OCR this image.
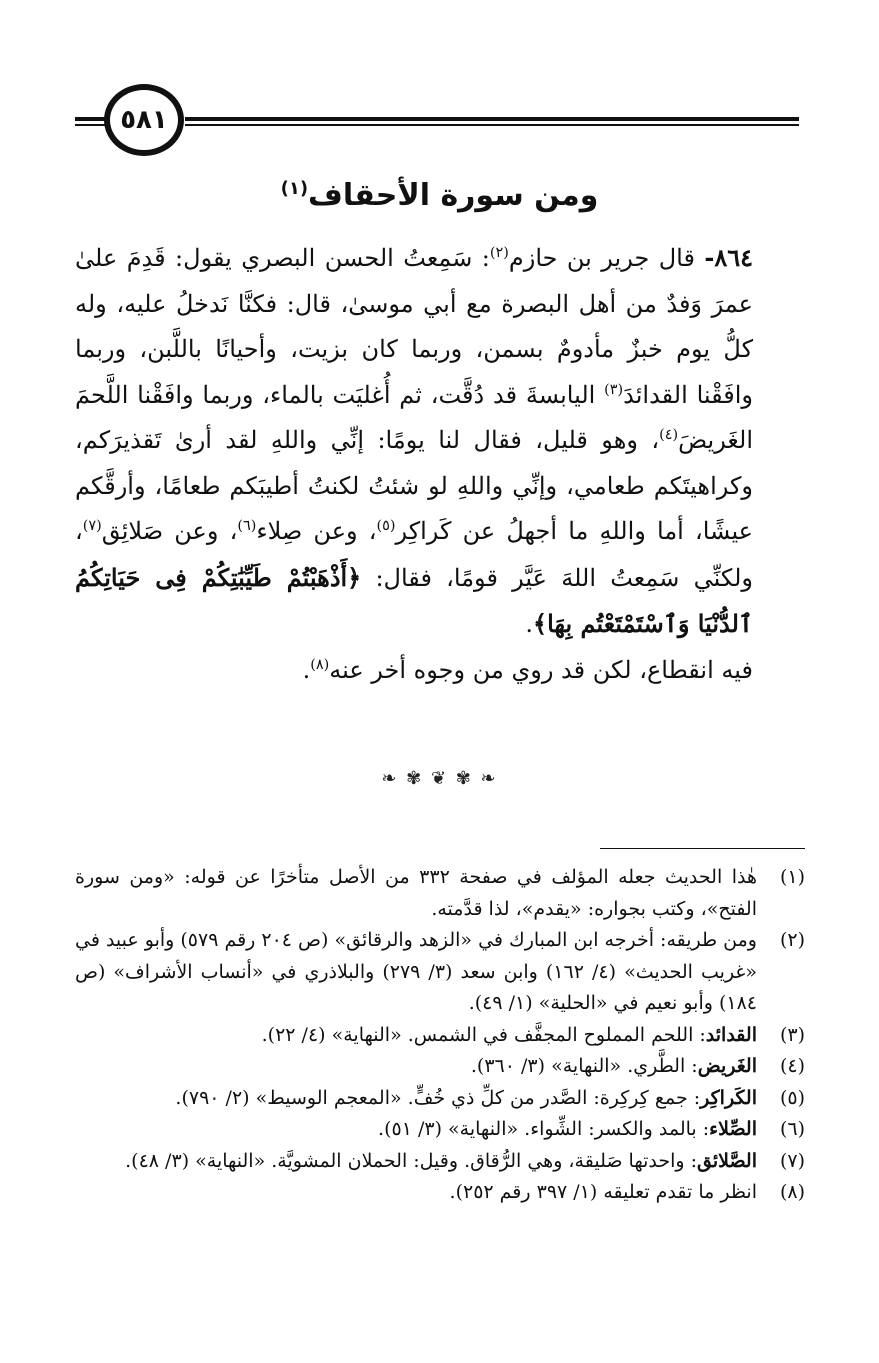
٥٨١
ومن سورة الأحقاف$^{(١)}$

٨٦٤- قال جرير بن حازم$^{(٢)}$: سَمِعتُ الحسن البصري يقول: قَدِمَ علىٰ عمرَ وَفدٌ من أهل البصرة مع أبي موسىٰ، قال: فكنَّا نَدخلُ عليه، وله كلُّ يوم خبزٌ مأدومٌ بسمن، وربما كان بزيت، وأحيانًا باللَّبن، وربما وافَقْنا القدائدَ$^{(٣)}$ اليابسةَ قد دُقَّت، ثم أُغليَت بالماء، وربما وافَقْنا اللَّحمَ الغَريضَ$^{(٤)}$، وهو قليل، فقال لنا يومًا: إنِّي واللهِ لقد أرىٰ تَقذيرَكم، وكراهيتَكم طعامي، وإنِّي واللهِ لو شئتُ لكنتُ أطيبَكم طعامًا، وأرقَّكم عيشًا، أما واللهِ ما أجهلُ عن كَراكِر$^{(٥)}$، وعن صِلاء$^{(٦)}$، وعن صَلائِق$^{(٧)}$، ولكنِّي سَمِعتُ اللهَ عَيَّر قومًا، فقال: ﴿أَذْهَبْتُمْ طَيِّبَٰتِكُمْ فِى حَيَاتِكُمُ ٱلدُّنْيَا وَٱسْتَمْتَعْتُم بِهَا﴾.

فيه انقطاع، لكن قد روي من وجوه أخر عنه$^{(٨)}$.

❧ ✾ ❦ ✾ ❧
(١)
هٰذا الحديث جعله المؤلف في صفحة ٣٣٢ من الأصل متأخرًا عن قوله: «ومن سورة الفتح»، وكتب بجواره: «يقدم»، لذا قدَّمته.
(٢)
ومن طريقه: أخرجه ابن المبارك في «الزهد والرقائق» (ص ٢٠٤ رقم ٥٧٩) وأبو عبيد في «غريب الحديث» (٤/ ١٦٢) وابن سعد (٣/ ٢٧٩) والبلاذري في «أنساب الأشراف» (ص ١٨٤) وأبو نعيم في «الحلية» (١/ ٤٩).
(٣)
القدائد: اللحم المملوح المجفَّف في الشمس. «النهاية» (٤/ ٢٢).
(٤)
الغَريض: الطَّري. «النهاية» (٣/ ٣٦٠).
(٥)
الكَراكِر: جمع كِركِرة: الصَّدر من كلِّ ذي خُفٍّ. «المعجم الوسيط» (٢/ ٧٩٠).
(٦)
الصِّلاء: بالمد والكسر: الشِّواء. «النهاية» (٣/ ٥١).
(٧)
الصَّلائق: واحدتها صَليقة، وهي الرُّقاق. وقيل: الحملان المشويَّة. «النهاية» (٣/ ٤٨).
(٨)
انظر ما تقدم تعليقه (١/ ٣٩٧ رقم ٢٥٢).
